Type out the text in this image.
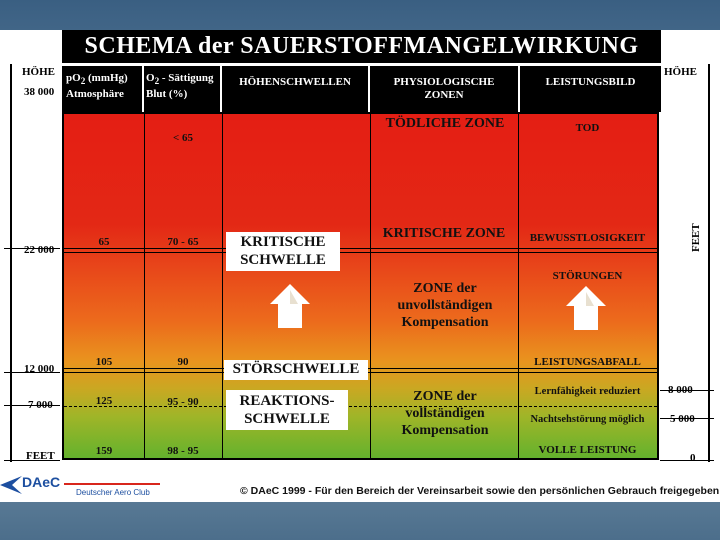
SCHEMA der SAUERSTOFFMANGELWIRKUNG
HÖHE
38 000
22 000
12 000
7 000
FEET
HÖHE
FEET
8 000
5 000
0
$pO_2$ (mmHg)
Atmosphäre
$O_2$ - Sättigung
Blut (%)
HÖHENSCHWELLEN	PHYSIOLOGISCHE
ZONEN
LEISTUNGSBILD
65
105
125
159
< 65
70 - 65
90
95 - 90
98 - 95
KRITISCHE
SCHWELLE
STÖRSCHWELLE
REAKTIONS-
SCHWELLE
TÖDLICHE ZONE
KRITISCHE ZONE
ZONE der
unvollständigen
Kompensation
ZONE der
vollständigen
Kompensation
TOD
BEWUSSTLOSIGKEIT
STÖRUNGEN
LEISTUNGSABFALL
Lernfähigkeit reduziert
Nachtsehstörung möglich
VOLLE LEISTUNG
DAeC
Deutscher Aero Club	© DAeC 1999 - Für den Bereich der Vereinsarbeit sowie den persönlichen Gebrauch freigegeben
